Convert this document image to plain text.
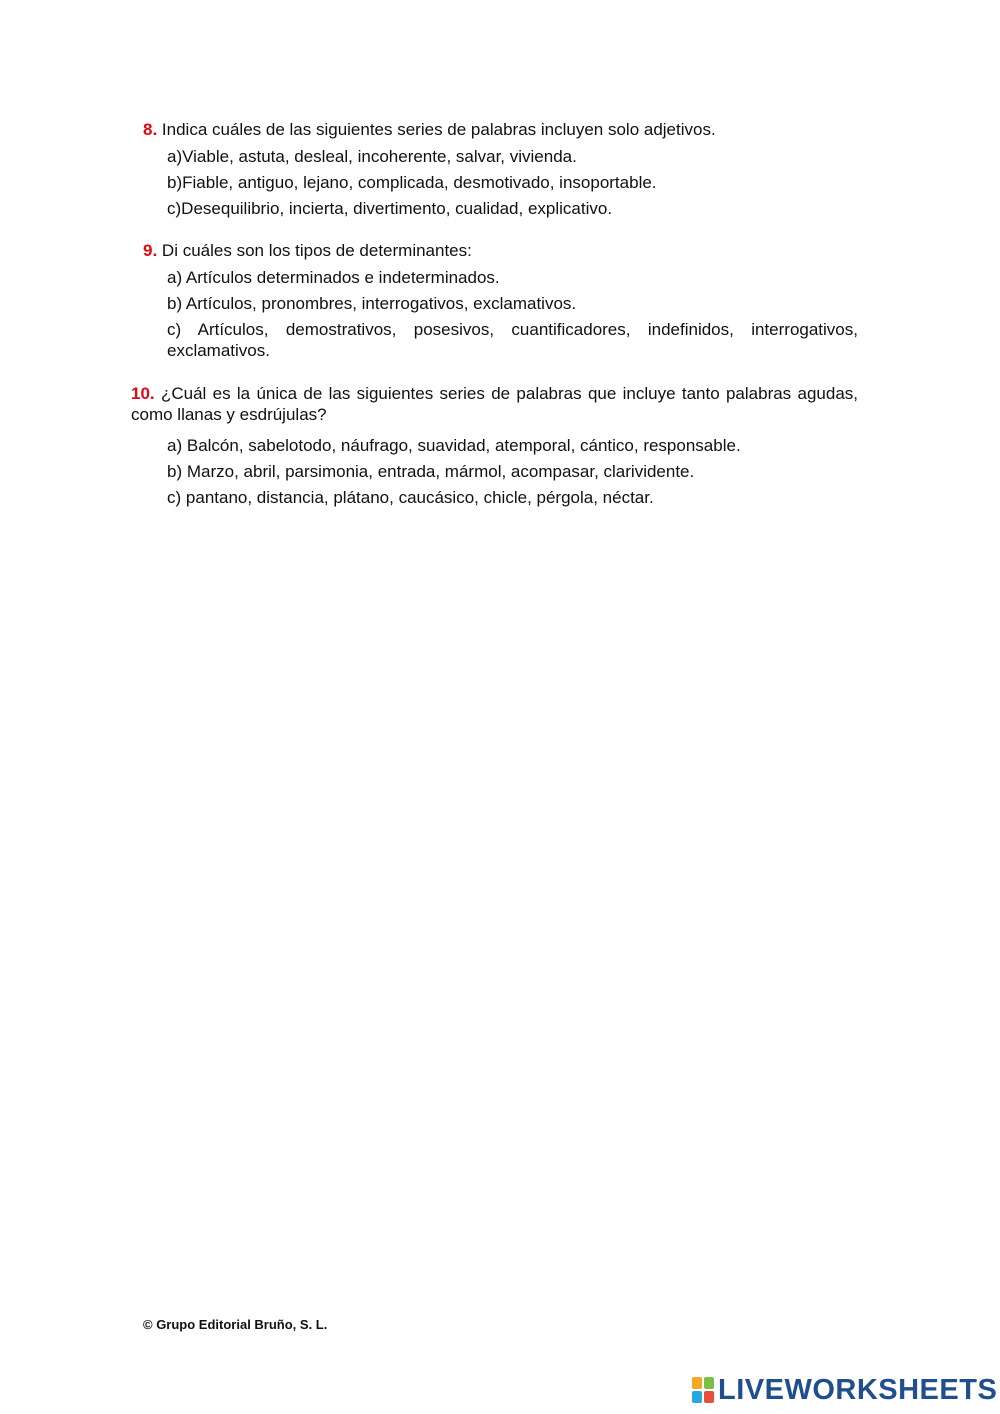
8. Indica cuáles de las siguientes series de palabras incluyen solo adjetivos.
a)Viable, astuta, desleal, incoherente, salvar, vivienda.
b)Fiable, antiguo, lejano, complicada, desmotivado, insoportable.
c)Desequilibrio, incierta, divertimento, cualidad, explicativo.
9. Di cuáles son los tipos de determinantes:
a) Artículos determinados e indeterminados.
b) Artículos, pronombres, interrogativos, exclamativos.
c) Artículos, demostrativos, posesivos, cuantificadores, indefinidos, interrogativos, exclamativos.
10. ¿Cuál es la única de las siguientes series de palabras que incluye tanto palabras agudas, como llanas y esdrújulas?
a) Balcón, sabelotodo, náufrago, suavidad, atemporal, cántico, responsable.
b) Marzo, abril, parsimonia, entrada, mármol, acompasar, clarividente.
c) pantano, distancia, plátano, caucásico, chicle, pérgola, néctar.
© Grupo Editorial Bruño, S. L.
LIVEWORKSHEETS
